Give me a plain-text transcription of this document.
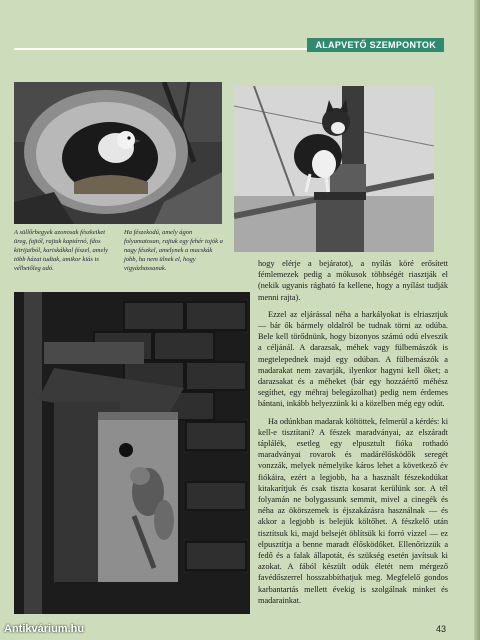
ALAPVETŐ SZEMPONTOK
A süllőrbegyek azonosak fészkeiket üreg, fajtól, rajtuk kaptárnó, fdos kitrijaiból, kariskákkal fészel, amely több házat tudtak, amikor kiás is vélhetőleg adó.
Ha fészekodú, amely ágon folyamatosan, rajtuk egy fehér tojók a nagy fészkel, amelynek a macskák jobb, ha nem ülnek el, hogy vigyázhassanak.

hogy elérje a bejáratot), a nyílás köré erősített fémlemezek pedig a mókusok többségét riasztják el (nekik ugyanis rágható fa kellene, hogy a nyílást tudják menni rajta).

Ezzel az eljárással néha a harkályokat is elriasztjuk — bár ők bármely oldalról be tudnak törni az odúba. Bele kell törődnünk, hogy bizonyos számú odú elveszik a céljánál. A darazsak, méhek vagy fülbemászók is megtelepednek majd egy odúban. A fülbemászók a madarakat nem zavarják, ilyenkor hagyni kell őket; a darazsakat és a méheket (bár egy hozzáértő méhész segíthet, egy méhraj belegázolhat) pedig nem érdemes bántani, inkább helyezzünk ki a közelben még egy odút.

Ha odúnkban madarak költöttek, felmerül a kérdés: ki kell-e tisztítani? A fészek maradványai, az elszáradt táplálék, esetleg egy elpusztult fióka rothadó maradványai rovarok és madárélősködők seregét vonzzák, melyek némelyike káros lehet a következő év fiókáira, ezért a legjobb, ha a használt fészekodúkat kitakarítjuk és csak tiszta kosarat kerülünk sor. A tél folyamán ne bolygassunk semmit, mivel a cinegék és néha az ökörszemek is éjszakázásra használnak — és akkor a legjobb is belejük költőhet. A fészkelő után tisztítsuk ki, majd belsejét öblítsük ki forró vízzel — ez elpusztítja a benne maradt élősködőket. Ellenőrizzük a fedő és a falak állapotát, és szükség esetén javítsuk ki azokat. A fából készült odúk életét nem mérgező favédőszerrel hosszabbíthatjuk meg. Megfelelő gondos karbantartás mellett évekig is szolgálnak minket és madarainkat.

43
Antikvárium.hu
